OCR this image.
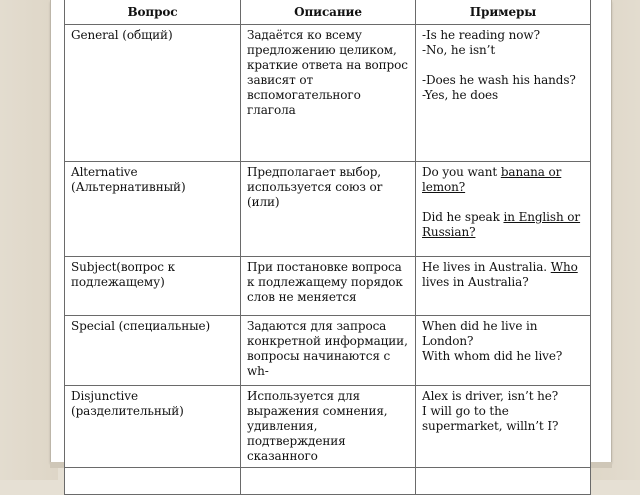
Вопрос	Описание	Примеры
General (общий)	Задаётся ко всему предложению целиком, краткие ответа на вопрос зависят от вспомогательного глагола	-Is he reading now?
-No, he isn’t
-Does he wash his hands?
-Yes, he does

Alternative (Альтернативный)	Предполагает выбор, используется союз or (или)	Do you want banana or lemon?
Did he speak in English or Russian?
Subject(вопрос к подлежащему)	При постановке вопроса к подлежащему порядок слов не меняется	He lives in Australia. Who lives in Australia?
Special (специальные)	Задаются для запроса конкретной информации, вопросы начинаются с wh-	When did he live in London?
With whom did he live?

Disjunctive (разделительный)	Используется для выражения сомнения, удивления, подтверждения сказанного	Alex is driver, isn’t he?
I will go to the supermarket, willn’t I?
